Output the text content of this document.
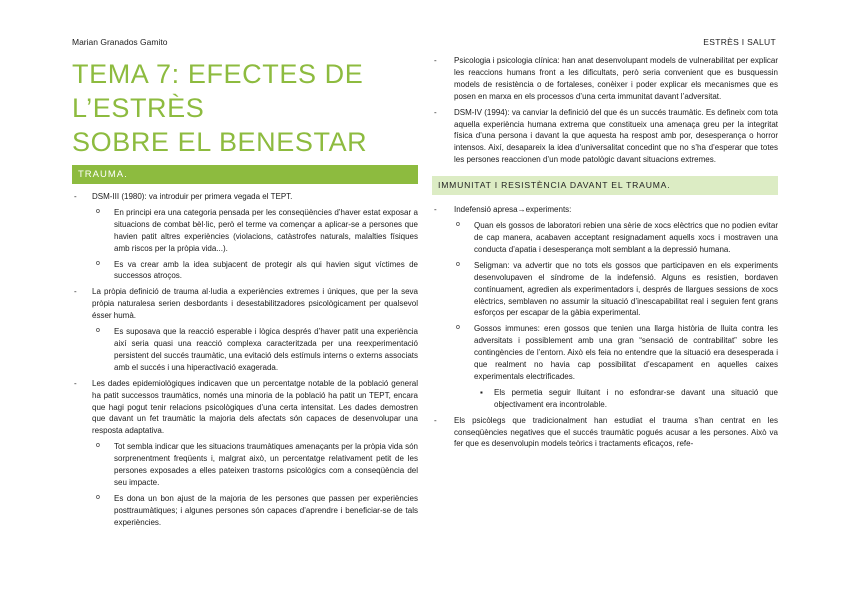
Marian Granados Gamito	ESTRÈS I SALUT
TEMA 7: EFECTES DE L’ESTRÈS
SOBRE EL BENESTAR
TRAUMA.
- DSM-III (1980): va introduir per primera vegada el TEPT.
o En principi era una categoria pensada per les conseqüències d’haver estat exposar a situacions de combat bèl·lic, però el terme va començar a aplicar-se a persones que havien patit altres experiències (violacions, catàstrofes naturals, malalties físiques amb riscos per la pròpia vida...).
o Es va crear amb la idea subjacent de protegir als qui havien sigut víctimes de successos atroços.
- La pròpia definició de trauma al·ludia a experiències extremes i úniques, que per la seva pròpia naturalesa serien desbordants i desestabilitzadores psicològicament per qualsevol ésser humà.
o Es suposava que la reacció esperable i lògica després d’haver patit una experiència així seria quasi una reacció complexa caracteritzada per una reexperimentació persistent del succés traumàtic, una evitació dels estímuls interns o externs associats amb el succés i una hiperactivació exagerada.
- Les dades epidemiològiques indicaven que un percentatge notable de la població general ha patit successos traumàtics, només una minoria de la població ha patit un TEPT, encara que hagi pogut tenir relacions psicològiques d’una certa intensitat. Les dades demostren que davant un fet traumàtic la majoria dels afectats són capaces de desenvolupar una resposta adaptativa.
o Tot sembla indicar que les situacions traumàtiques amenaçants per la pròpia vida són sorprenentment freqüents i, malgrat això, un percentatge relativament petit de les persones exposades a elles pateixen trastorns psicològics com a conseqüència del seu impacte.
o Es dona un bon ajust de la majoria de les persones que passen per experiències posttraumàtiques; i algunes persones són capaces d’aprendre i beneficiar-se de tals experiències.
- Psicologia i psicologia clínica: han anat desenvolupant models de vulnerabilitat per explicar les reaccions humans front a les dificultats, però seria convenient que es busquessin models de resistència o de fortaleses, conèixer i poder explicar els mecanismes que es posen en marxa en els processos d’una certa immunitat davant l’adversitat.
- DSM-IV (1994): va canviar la definició del que és un succés traumàtic. Es defineix com tota aquella experiència humana extrema que constitueix una amenaça greu per la integritat física d’una persona i davant la que aquesta ha respost amb por, desesperança o horror intensos. Així, desapareix la idea d’universalitat concedint que no s’ha d’esperar que totes les persones reaccionen d’un mode patològic davant situacions extremes.
IMMUNITAT I RESISTÈNCIA DAVANT EL TRAUMA.
- Indefensió apresa→experiments:
o Quan els gossos de laboratori rebien una sèrie de xocs elèctrics que no podien evitar de cap manera, acabaven acceptant resignadament aquells xocs i mostraven una conducta d’apatia i desesperança molt semblant a la depressió humana.
o Seligman: va advertir que no tots els gossos que participaven en els experiments desenvolupaven el síndrome de la indefensió. Alguns es resistien, bordaven contínuament, agredien als experimentadors i, després de llargues sessions de xocs elèctrics, semblaven no assumir la situació d’inescapabilitat real i seguien fent grans esforços per escapar de la gàbia experimental.
o Gossos immunes: eren gossos que tenien una llarga història de lluita contra les adversitats i possiblement amb una gran “sensació de contrabilitat” sobre les contingències de l’entorn. Això els feia no entendre que la situació era desesperada i que realment no havia cap possibilitat d’escapament en aquelles caixes experimentals electrificades.
▪ Els permetia seguir lluitant i no esfondrar-se davant una situació que objectivament era incontrolable.
- Els psicòlegs que tradicionalment han estudiat el trauma s’han centrat en les conseqüències negatives que el succés traumàtic pogués acusar a les persones. Això va fer que es desenvolupin models teòrics i tractaments eficaços, refe-
